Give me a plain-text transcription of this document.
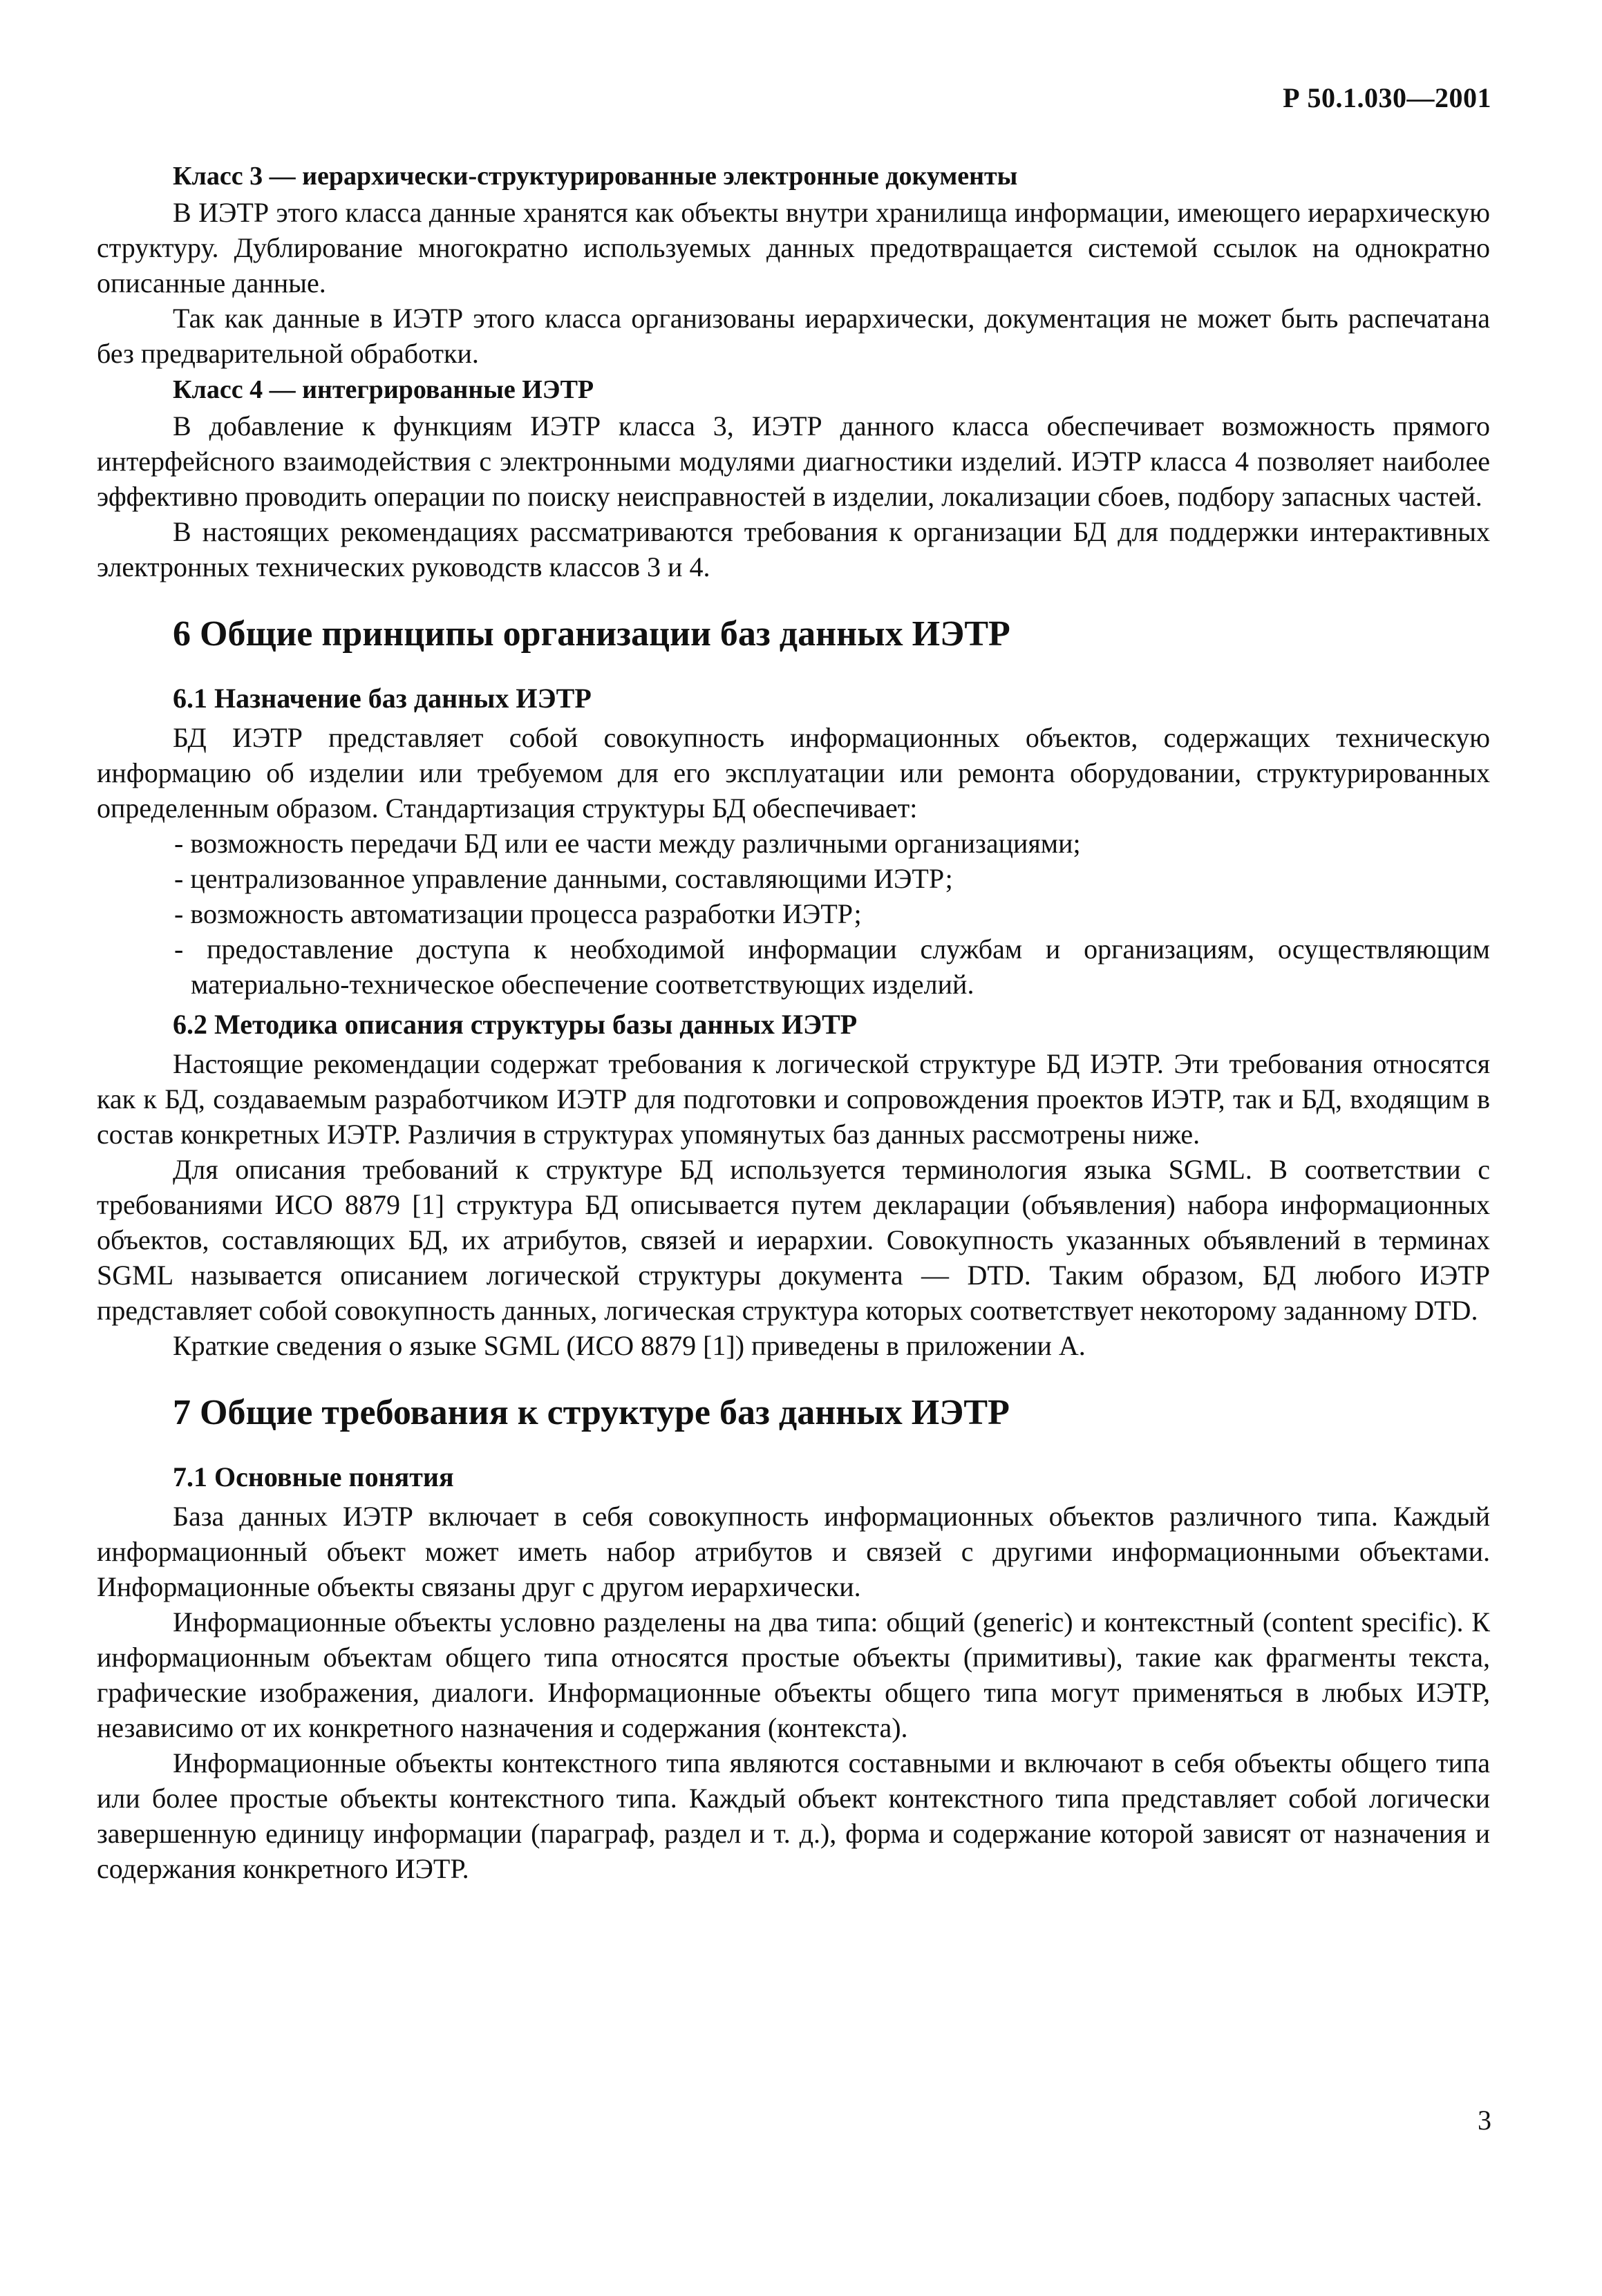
Р 50.1.030—2001
Класс 3 — иерархически-структурированные электронные документы

В ИЭТР этого класса данные хранятся как объекты внутри хранилища информации, имеющего иерархическую структуру. Дублирование многократно используемых данных предотвращается системой ссылок на однократно описанные данные.

Так как данные в ИЭТР этого класса организованы иерархически, документация не может быть распечатана без предварительной обработки.

Класс 4 — интегрированные ИЭТР

В добавление к функциям ИЭТР класса 3, ИЭТР данного класса обеспечивает возможность прямого интерфейсного взаимодействия с электронными модулями диагностики изделий. ИЭТР класса 4 позволяет наиболее эффективно проводить операции по поиску неисправностей в изделии, локализации сбоев, подбору запасных частей.

В настоящих рекомендациях рассматриваются требования к организации БД для поддержки интерактивных электронных технических руководств классов 3 и 4.

6 Общие принципы организации баз данных ИЭТР
6.1 Назначение баз данных ИЭТР

БД ИЭТР представляет собой совокупность информационных объектов, содержащих техническую информацию об изделии или требуемом для его эксплуатации или ремонта оборудовании, структурированных определенным образом. Стандартизация структуры БД обеспечивает:

- возможность передачи БД или ее части между различными организациями;
- централизованное управление данными, составляющими ИЭТР;
- возможность автоматизации процесса разработки ИЭТР;
- предоставление доступа к необходимой информации службам и организациям, осуществляющим материально-техническое обеспечение соответствующих изделий.
6.2 Методика описания структуры базы данных ИЭТР

Настоящие рекомендации содержат требования к логической структуре БД ИЭТР. Эти требования относятся как к БД, создаваемым разработчиком ИЭТР для подготовки и сопровождения проектов ИЭТР, так и БД, входящим в состав конкретных ИЭТР. Различия в структурах упомянутых баз данных рассмотрены ниже.

Для описания требований к структуре БД используется терминология языка SGML. В соответствии с требованиями ИСО 8879 [1] структура БД описывается путем декларации (объявления) набора информационных объектов, составляющих БД, их атрибутов, связей и иерархии. Совокупность указанных объявлений в терминах SGML называется описанием логической структуры документа — DTD. Таким образом, БД любого ИЭТР представляет собой совокупность данных, логическая структура которых соответствует некоторому заданному DTD.

Краткие сведения о языке SGML (ИСО 8879 [1]) приведены в приложении А.

7 Общие требования к структуре баз данных ИЭТР
7.1 Основные понятия

База данных ИЭТР включает в себя совокупность информационных объектов различного типа. Каждый информационный объект может иметь набор атрибутов и связей с другими информационными объектами. Информационные объекты связаны друг с другом иерархически.

Информационные объекты условно разделены на два типа: общий (generic) и контекстный (content specific). К информационным объектам общего типа относятся простые объекты (примитивы), такие как фрагменты текста, графические изображения, диалоги. Информационные объекты общего типа могут применяться в любых ИЭТР, независимо от их конкретного назначения и содержания (контекста).

Информационные объекты контекстного типа являются составными и включают в себя объекты общего типа или более простые объекты контекстного типа. Каждый объект контекстного типа представляет собой логически завершенную единицу информации (параграф, раздел и т. д.), форма и содержание которой зависят от назначения и содержания конкретного ИЭТР.

3
